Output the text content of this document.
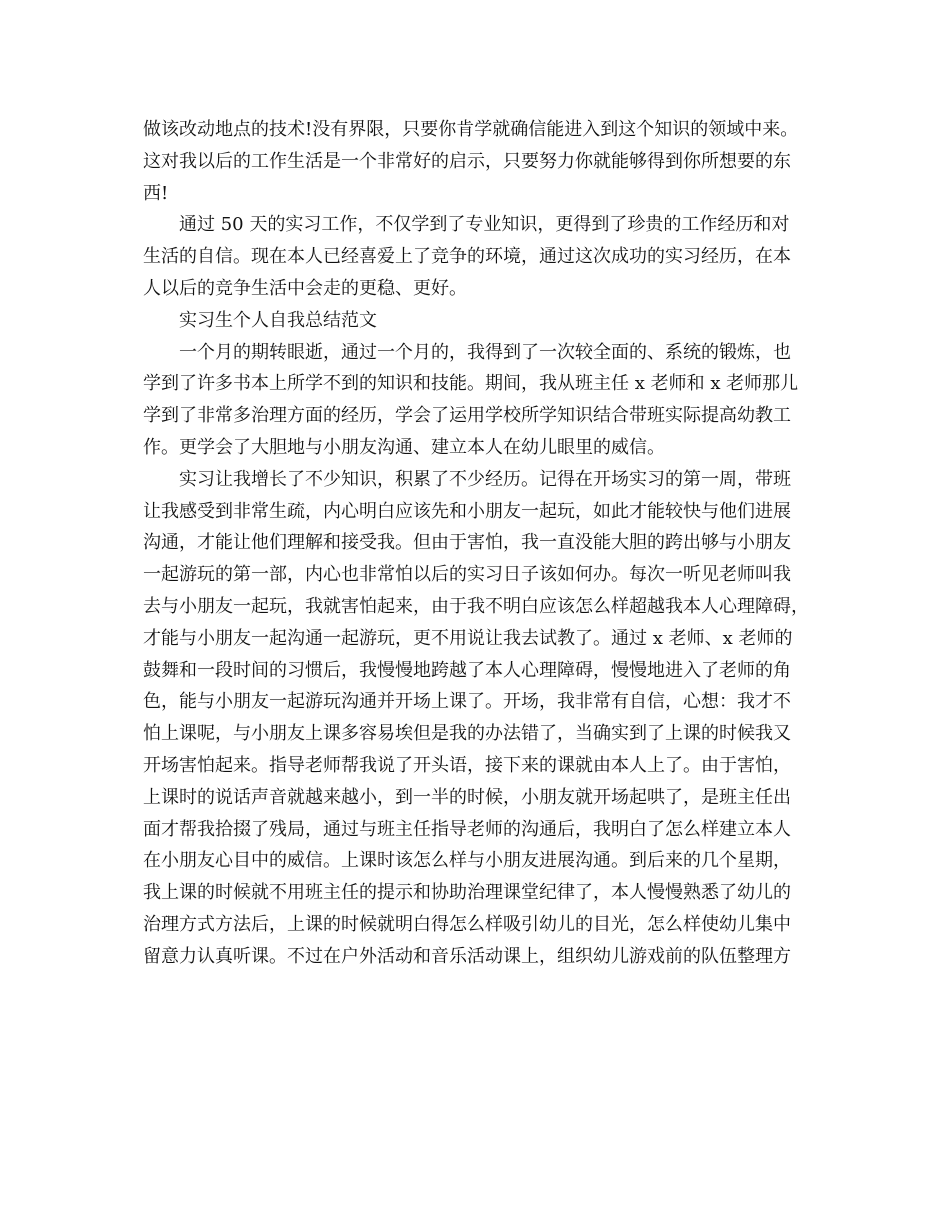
做该改动地点的技术!没有界限，只要你肯学就确信能进入到这个知识的领域中来。
这对我以后的工作生活是一个非常好的启示，只要努力你就能够得到你所想要的东
西!
通过 50 天的实习工作，不仅学到了专业知识，更得到了珍贵的工作经历和对
生活的自信。现在本人已经喜爱上了竞争的环境，通过这次成功的实习经历，在本
人以后的竞争生活中会走的更稳、更好。
实习生个人自我总结范文
一个月的期转眼逝，通过一个月的，我得到了一次较全面的、系统的锻炼，也
学到了许多书本上所学不到的知识和技能。期间，我从班主任 x 老师和 x 老师那儿
学到了非常多治理方面的经历，学会了运用学校所学知识结合带班实际提高幼教工
作。更学会了大胆地与小朋友沟通、建立本人在幼儿眼里的威信。
实习让我增长了不少知识，积累了不少经历。记得在开场实习的第一周，带班
让我感受到非常生疏，内心明白应该先和小朋友一起玩，如此才能较快与他们进展
沟通，才能让他们理解和接受我。但由于害怕，我一直没能大胆的跨出够与小朋友
一起游玩的第一部，内心也非常怕以后的实习日子该如何办。每次一听见老师叫我
去与小朋友一起玩，我就害怕起来，由于我不明白应该怎么样超越我本人心理障碍，
才能与小朋友一起沟通一起游玩，更不用说让我去试教了。通过 x 老师、x 老师的
鼓舞和一段时间的习惯后，我慢慢地跨越了本人心理障碍，慢慢地进入了老师的角
色，能与小朋友一起游玩沟通并开场上课了。开场，我非常有自信，心想：我才不
怕上课呢，与小朋友上课多容易埃但是我的办法错了，当确实到了上课的时候我又
开场害怕起来。指导老师帮我说了开头语，接下来的课就由本人上了。由于害怕，
上课时的说话声音就越来越小，到一半的时候，小朋友就开场起哄了，是班主任出
面才帮我拾掇了残局，通过与班主任指导老师的沟通后，我明白了怎么样建立本人
在小朋友心目中的威信。上课时该怎么样与小朋友进展沟通。到后来的几个星期，
我上课的时候就不用班主任的提示和协助治理课堂纪律了，本人慢慢熟悉了幼儿的
治理方式方法后，上课的时候就明白得怎么样吸引幼儿的目光，怎么样使幼儿集中
留意力认真听课。不过在户外活动和音乐活动课上，组织幼儿游戏前的队伍整理方
